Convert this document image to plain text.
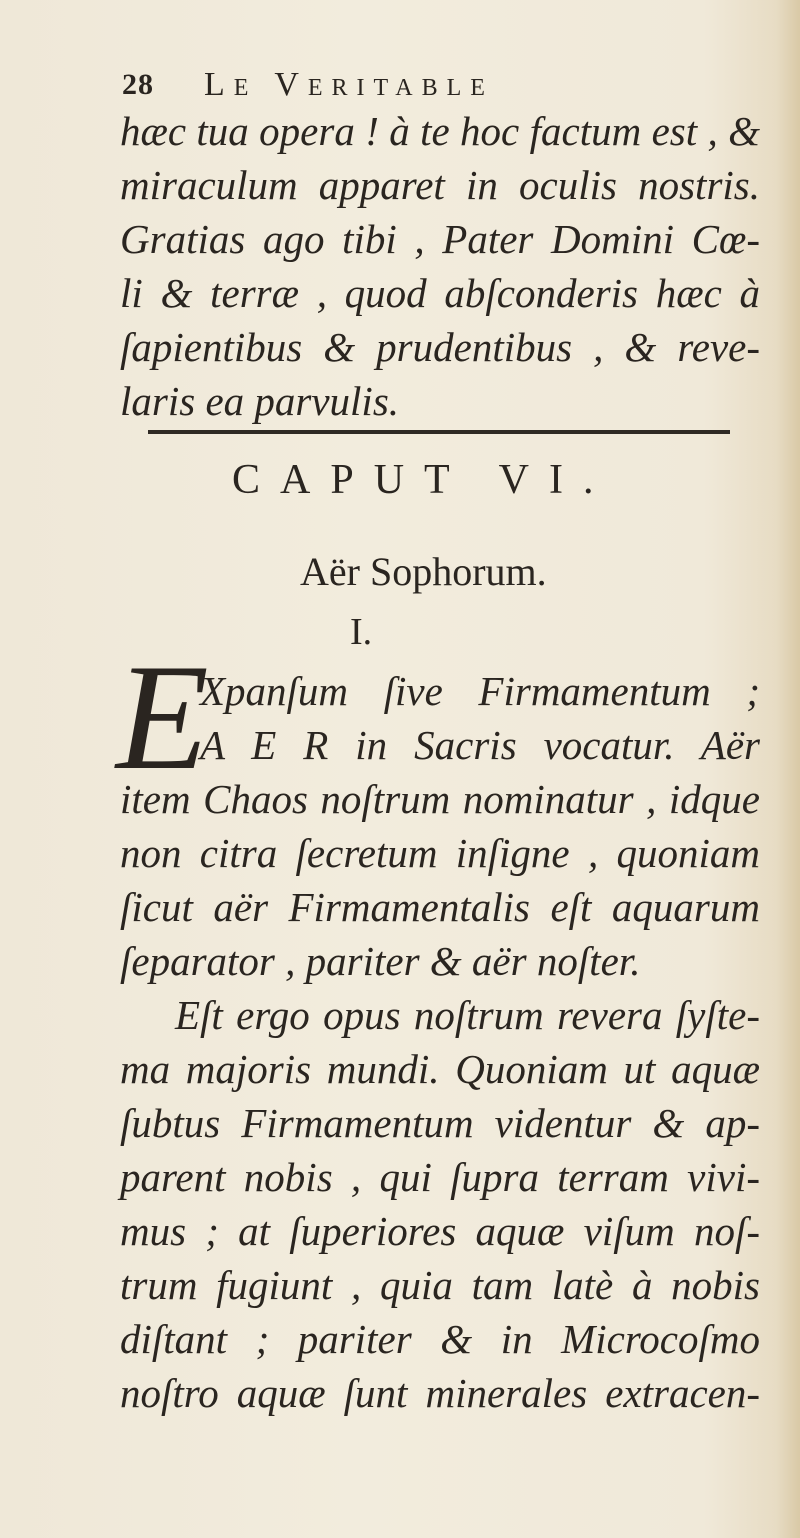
28 Le Veritable
hæc tua opera ! à te hoc factum est , &
miraculum apparet in oculis nostris.
Gratias ago tibi , Pater Domini Cœ-
li & terræ , quod abſconderis hæc à
ſapientibus & prudentibus , & reve-
laris ea parvulis.
CAPUT VI.
Aër Sophorum.
I.
E
Xpanſum ſive Firmamentum ;
A E R in Sacris vocatur. Aër
item Chaos noſtrum nominatur , idque
non citra ſecretum inſigne , quoniam
ſicut aër Firmamentalis eſt aquarum
ſeparator , pariter & aër noſter.
Eſt ergo opus noſtrum revera ſyſte-
ma majoris mundi. Quoniam ut aquæ
ſubtus Firmamentum videntur & ap-
parent nobis , qui ſupra terram vivi-
mus ; at ſuperiores aquæ viſum noſ-
trum fugiunt , quia tam latè à nobis
diſtant ; pariter & in Microcoſmo
noſtro aquæ ſunt minerales extracen-
